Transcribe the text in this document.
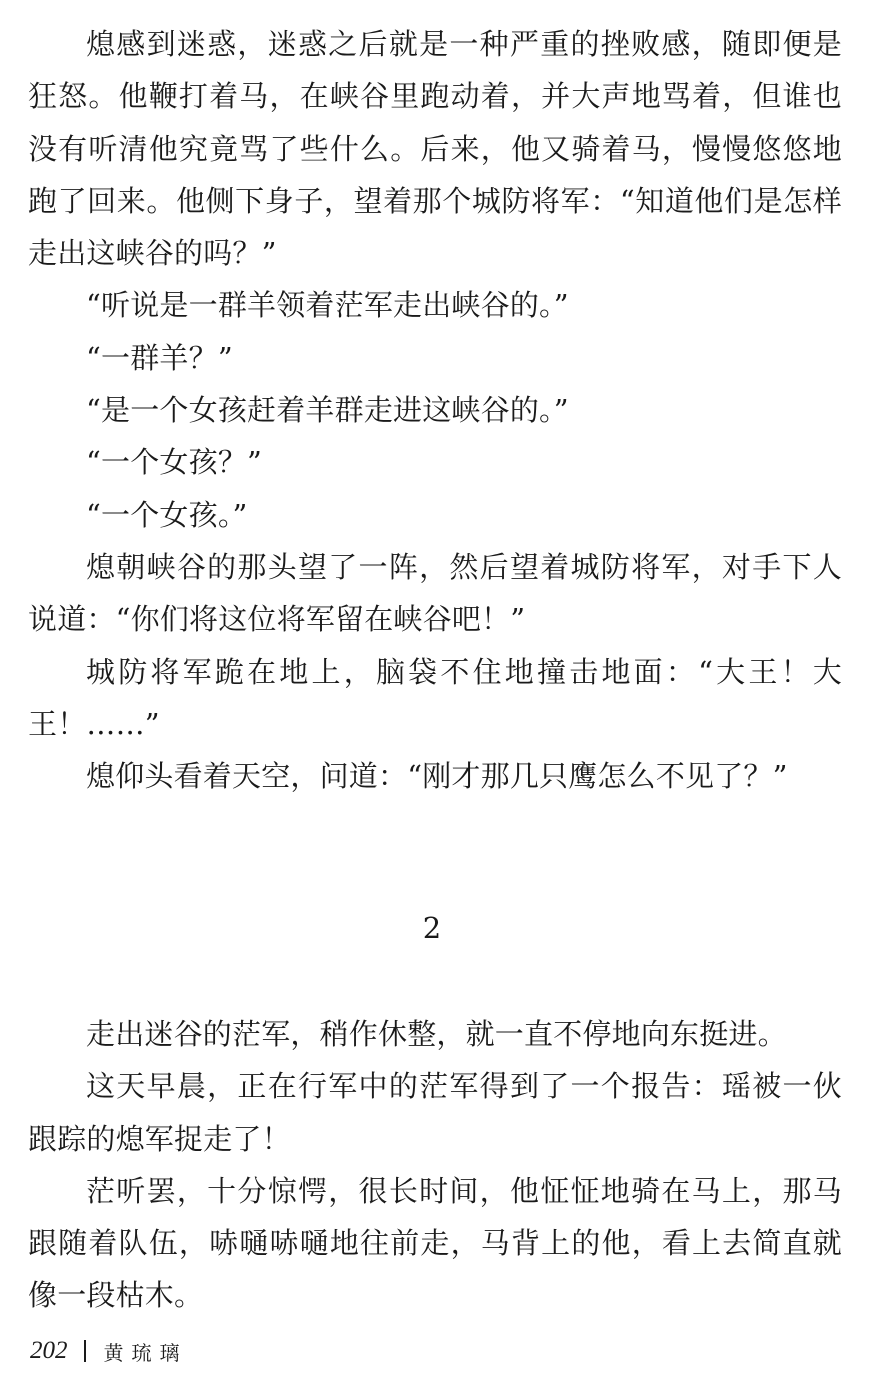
熄感到迷惑，迷惑之后就是一种严重的挫败感，随即便是狂怒。他鞭打着马，在峡谷里跑动着，并大声地骂着，但谁也没有听清他究竟骂了些什么。后来，他又骑着马，慢慢悠悠地跑了回来。他侧下身子，望着那个城防将军：“知道他们是怎样走出这峡谷的吗？”

“听说是一群羊领着茫军走出峡谷的。”

“一群羊？”

“是一个女孩赶着羊群走进这峡谷的。”

“一个女孩？”

“一个女孩。”

熄朝峡谷的那头望了一阵，然后望着城防将军，对手下人说道：“你们将这位将军留在峡谷吧！”

城防将军跪在地上，脑袋不住地撞击地面：“大王！大王！……”

熄仰头看着天空，问道：“刚才那几只鹰怎么不见了？”

2

走出迷谷的茫军，稍作休整，就一直不停地向东挺进。

这天早晨，正在行军中的茫军得到了一个报告：瑶被一伙跟踪的熄军捉走了！

茫听罢，十分惊愕，很长时间，他怔怔地骑在马上，那马跟随着队伍，哧嗵哧嗵地往前走，马背上的他，看上去简直就像一段枯木。

202 黄琉璃
